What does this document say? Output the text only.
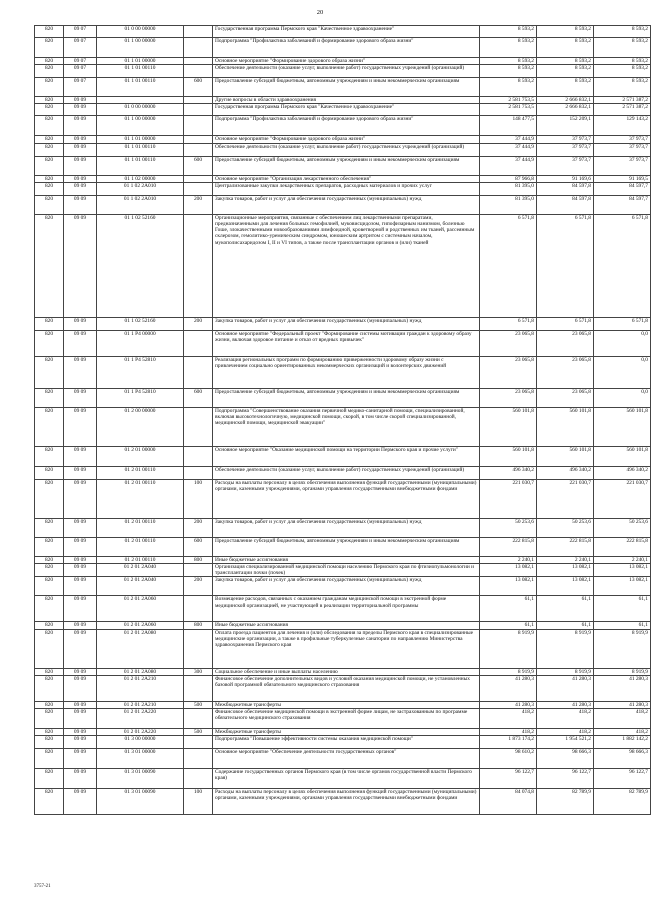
20
820	09 07	01 0 00 00000		Государственная программа Пермского края "Качественное здравоохранение"	8 593,2	8 593,2	8 593,2
820	09 07	01 1 00 00000		Подпрограмма "Профилактика заболеваний и формирование здорового образа жизни"	8 593,2	8 593,2	8 593,2
820	09 07	01 1 01 00000		Основное мероприятие "Формирование здорового образа жизни"	8 593,2	8 593,2	8 593,2
820	09 07	01 1 01 00110		Обеспечение деятельности (оказание услуг, выполнение работ) государственных учреждений (организаций)	8 593,2	8 593,2	8 593,2
820	09 07	01 1 01 00110	600	Предоставление субсидий бюджетным, автономным учреждениям и иным некоммерческим организациям	8 593,2	8 593,2	8 593,2
820	09 09			Другие вопросы в области здравоохранения	2 581 753,5	2 666 832,1	2 571 387,2
820	09 09	01 0 00 00000		Государственная программа Пермского края "Качественное здравоохранение"	2 581 753,5	2 666 832,1	2 571 387,2
820	09 09	01 1 00 00000		Подпрограмма "Профилактика заболеваний и формирование здорового образа жизни"	148 477,5	152 209,1	129 143,2
820	09 09	01 1 01 00000		Основное мероприятие "Формирование здорового образа жизни"	37 444,9	37 973,7	37 973,7
820	09 09	01 1 01 00110		Обеспечение деятельности (оказание услуг, выполнение работ) государственных учреждений (организаций)	37 444,9	37 973,7	37 973,7
820	09 09	01 1 01 00110	600	Предоставление субсидий бюджетным, автономным учреждениям и иным некоммерческим организациям	37 444,9	37 973,7	37 973,7
820	09 09	01 1 02 00000		Основное мероприятие "Организация лекарственного обеспечения"	87 966,8	91 169,6	91 169,5
820	09 09	01 1 02 2А010		Централизованные закупки лекарственных препаратов, расходных материалов и прочих услуг	81 395,0	84 597,8	84 597,7
820	09 09	01 1 02 2А010	200	Закупка товаров, работ и услуг для обеспечения государственных (муниципальных) нужд	81 395,0	84 597,8	84 597,7
820	09 09	01 1 02 52160		Организационные мероприятия, связанные с обеспечением лиц лекарственными препаратами, предназначенными для лечения больных гемофилией, муковисцидозом, гипофизарным нанизмом, болезнью Гоше, злокачественными новообразованиями лимфоидной, кроветворной и родственных им тканей, рассеянным склерозом, гемолитико-уремическим синдромом, юношеским артритом с системным началом, мукополисахаридозом I, II и VI типов, а также после трансплантации органов и (или) тканей	6 571,8	6 571,8	6 571,8
820	09 09	01 1 02 52160	200	Закупка товаров, работ и услуг для обеспечения государственных (муниципальных) нужд	6 571,8	6 571,8	6 571,8
820	09 09	01 1 Р4 00000		Основное мероприятие "Федеральный проект "Формирование системы мотивации граждан к здоровому образу жизни, включая здоровое питание и отказ от вредных привычек"	23 065,8	23 065,8	0,0
820	09 09	01 1 Р4 52810		Реализация региональных программ по формированию приверженности здоровому образу жизни с привлечением социально ориентированных некоммерческих организаций и волонтерских движений	23 065,8	23 065,8	0,0
820	09 09	01 1 Р4 52810	600	Предоставление субсидий бюджетным, автономным учреждениям и иным некоммерческим организациям	23 065,8	23 065,8	0,0
820	09 09	01 2 00 00000		Подпрограмма "Совершенствование оказания первичной медико-санитарной помощи, специализированной, включая высокотехнологичную, медицинской помощи, скорой, в том числе скорой специализированной, медицинской помощи, медицинской эвакуации"	560 101,8	560 101,8	560 101,8
820	09 09	01 2 01 00000		Основное мероприятие "Оказание медицинской помощи на территории Пермского края и прочие услуги"	560 101,8	560 101,8	560 101,8
820	09 09	01 2 01 00110		Обеспечение деятельности (оказание услуг, выполнение работ) государственных учреждений (организаций)	496 340,2	496 340,2	496 340,2
820	09 09	01 2 01 00110	100	Расходы на выплаты персоналу в целях обеспечения выполнения функций государственными (муниципальными) органами, казенными учреждениями, органами управления государственными внебюджетными фондами	221 030,7	221 030,7	221 030,7
820	09 09	01 2 01 00110	200	Закупка товаров, работ и услуг для обеспечения государственных (муниципальных) нужд	50 253,6	50 253,6	50 253,6
820	09 09	01 2 01 00110	600	Предоставление субсидий бюджетным, автономным учреждениям и иным некоммерческим организациям	222 815,8	222 815,8	222 815,8
820	09 09	01 2 01 00110	800	Иные бюджетные ассигнования	2 240,1	2 240,1	2 240,1
820	09 09	01 2 01 2А040		Организация специализированной медицинской помощи населению Пермского края по фтизиопульмонологии и трансплантации почки (почек)	13 082,1	13 082,1	13 082,1
820	09 09	01 2 01 2А040	200	Закупка товаров, работ и услуг для обеспечения государственных (муниципальных) нужд	13 082,1	13 082,1	13 082,1
820	09 09	01 2 01 2А060		Возмещение расходов, связанных с оказанием гражданам медицинской помощи в экстренной форме медицинской организацией, не участвующей в реализации территориальной программы	61,1	61,1	61,1
820	09 09	01 2 01 2А060	800	Иные бюджетные ассигнования	61,1	61,1	61,1
820	09 09	01 2 01 2А080		Оплата проезда пациентов для лечения и (или) обследования за пределы Пермского края в специализированные медицинские организации, а также в профильные туберкулезные санатории по направлению Министерства здравоохранения Пермского края	8 919,9	8 919,9	8 919,9
820	09 09	01 2 01 2А080	300	Социальное обеспечение и иные выплаты населению	8 919,9	8 919,9	8 919,9
820	09 09	01 2 01 2А210		Финансовое обеспечение дополнительных видов и условий оказания медицинской помощи, не установленных базовой программой обязательного медицинского страхования	41 280,3	41 280,3	41 280,3
820	09 09	01 2 01 2А210	500	Межбюджетные трансферты	41 280,3	41 280,3	41 280,3
820	09 09	01 2 01 2А220		Финансовое обеспечение медицинской помощи в экстренной форме лицам, не застрахованным по программе обязательного медицинского страхования	418,2	418,2	418,2
820	09 09	01 2 01 2А220	500	Межбюджетные трансферты	418,2	418,2	418,2
820	09 09	01 3 00 00000		Подпрограмма "Повышение эффективности системы оказания медицинской помощи"	1 873 174,2	1 954 521,2	1 882 142,2
820	09 09	01 3 01 00000		Основное мероприятие "Обеспечение деятельности государственных органов"	98 610,2	98 666,3	98 666,3
820	09 09	01 3 01 00090		Содержание государственных органов Пермского края (в том числе органов государственной власти Пермского края)	96 122,7	96 122,7	96 122,7
820	09 09	01 3 01 00090	100	Расходы на выплаты персоналу в целях обеспечения выполнения функций государственными (муниципальными) органами, казенными учреждениями, органами управления государственными внебюджетными фондами	84 074,8	82 789,9	82 789,9
3757-21
